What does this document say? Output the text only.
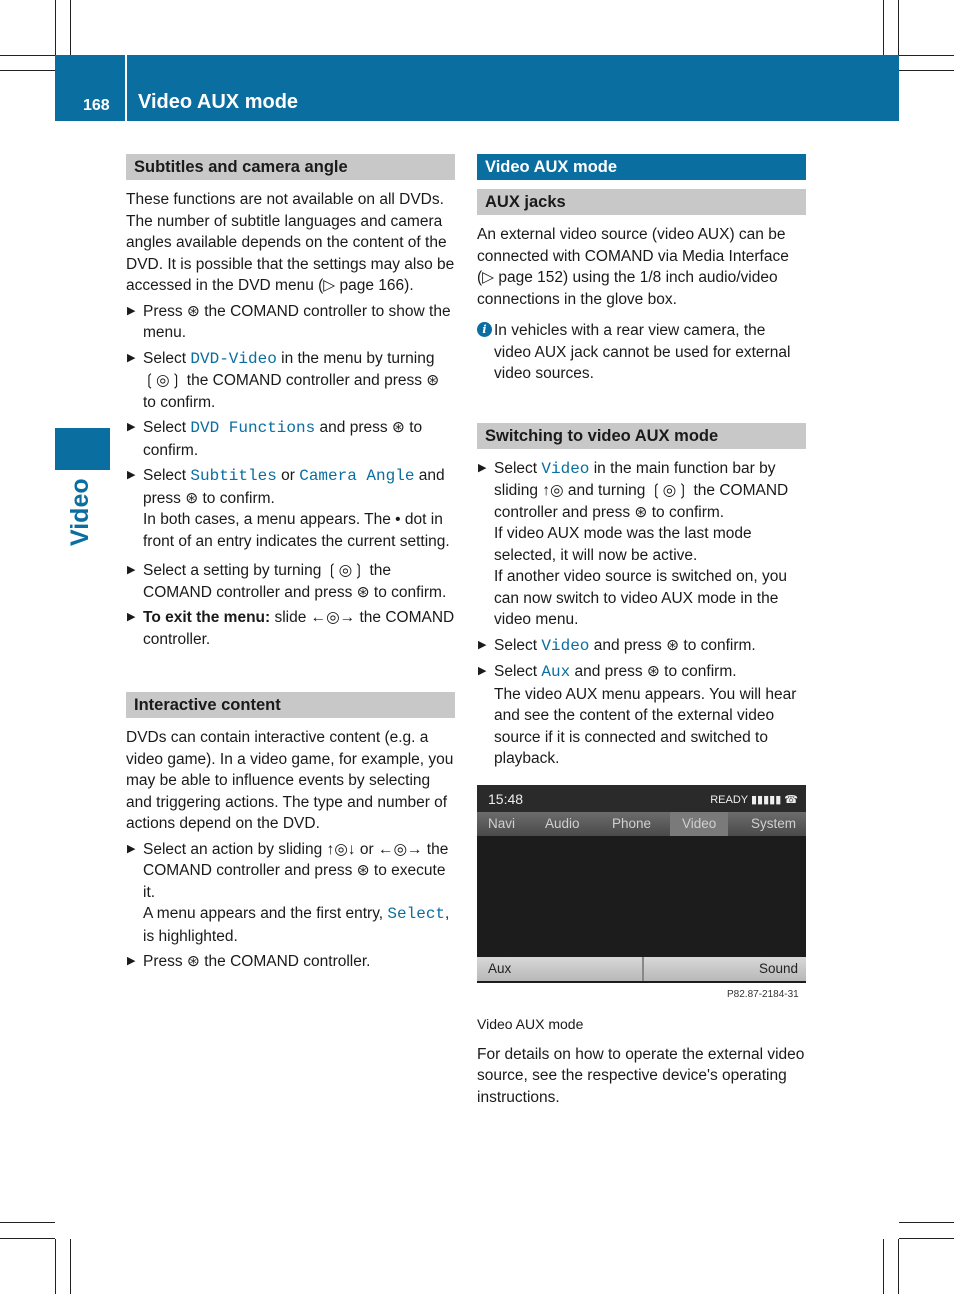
168 Video AUX mode
Video
Subtitles and camera angle

These functions are not available on all DVDs. The number of subtitle languages and camera angles available depends on the content of the DVD. It is possible that the settings may also be accessed in the DVD menu (▷ page 166).

▶ Press ⊛ the COMAND controller to show the menu.
▶ Select DVD-Video in the menu by turning ❲◎❳ the COMAND controller and press ⊛ to confirm.
▶ Select DVD Functions and press ⊛ to confirm.
▶ Select Subtitles or Camera Angle and press ⊛ to confirm.
In both cases, a menu appears. The • dot in front of an entry indicates the current setting.
▶ Select a setting by turning ❲◎❳ the COMAND controller and press ⊛ to confirm.
▶ To exit the menu: slide ←◎→ the COMAND controller.
Interactive content

DVDs can contain interactive content (e.g. a video game). In a video game, for example, you may be able to influence events by selecting and triggering actions. The type and number of actions depend on the DVD.

▶ Select an action by sliding ↑◎↓ or ←◎→ the COMAND controller and press ⊛ to execute it.
A menu appears and the first entry, Select, is highlighted.
▶ Press ⊛ the COMAND controller.
Video AUX mode
AUX jacks

An external video source (video AUX) can be connected with COMAND via Media Interface (▷ page 152) using the 1/8 inch audio/video connections in the glove box.

i In vehicles with a rear view camera, the video AUX jack cannot be used for external video sources.
Switching to video AUX mode
▶ Select Video in the main function bar by sliding ↑◎ and turning ❲◎❳ the COMAND controller and press ⊛ to confirm.
If video AUX mode was the last mode selected, it will now be active.
If another video source is switched on, you can now switch to video AUX mode in the video menu.
▶ Select Video and press ⊛ to confirm.
▶ Select Aux and press ⊛ to confirm.
The video AUX menu appears. You will hear and see the content of the external video source if it is connected and switched to playback.
15:48	READY ▮▮▮▮▮ ☎
Navi Audio Phone	Video	System
Aux	Sound
P82.87-2184-31

Video AUX mode

For details on how to operate the external video source, see the respective device's operating instructions.
